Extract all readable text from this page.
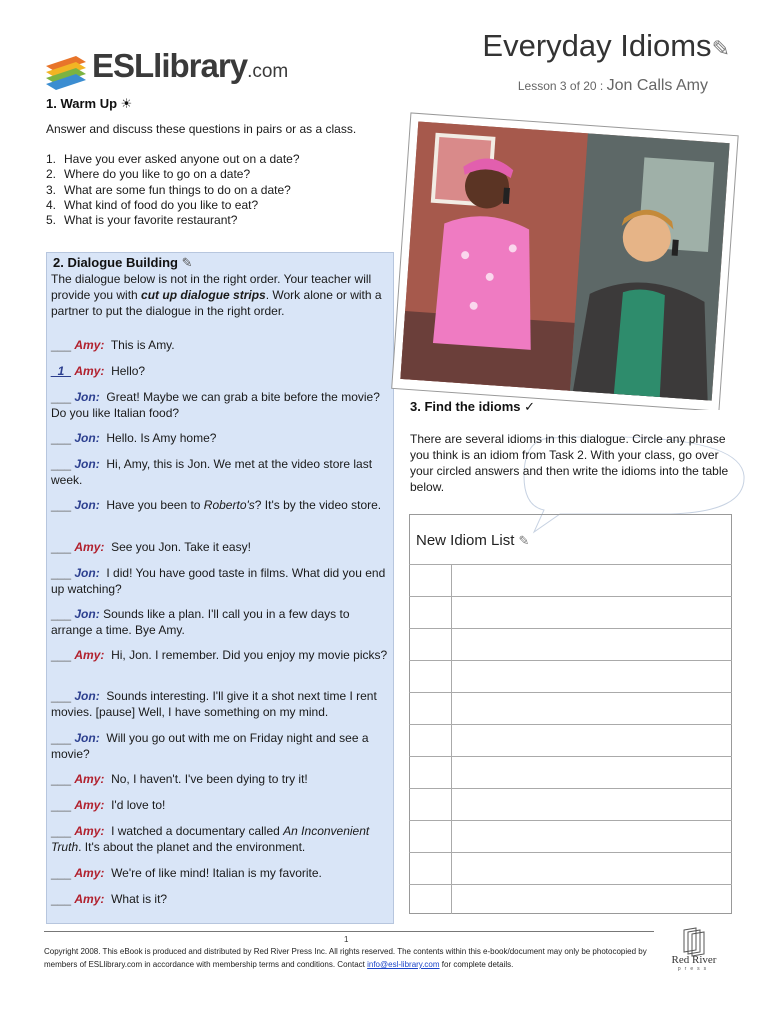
ESLlibrary.com
Everyday Idioms✎
Lesson 3 of 20 : Jon Calls Amy
1. Warm Up ☀
Answer and discuss these questions in pairs or as a class.
1. Have you ever asked anyone out on a date?
2. Where do you like to go on a date?
3. What are some fun things to do on a date?
4. What kind of food do you like to eat?
5. What is your favorite restaurant?
2. Dialogue Building ✎
The dialogue below is not in the right order. Your teacher will provide you with cut up dialogue strips. Work alone or with a partner to put the dialogue in the right order.
___ Amy: This is Amy.
_1_ Amy: Hello?
___ Jon: Great! Maybe we can grab a bite before the movie? Do you like Italian food?
___ Jon: Hello. Is Amy home?
___ Jon: Hi, Amy, this is Jon. We met at the video store last week.
___ Jon: Have you been to Roberto's? It's by the video store.
___ Amy: See you Jon. Take it easy!
___ Jon: I did! You have good taste in films. What did you end up watching?
___ Jon: Sounds like a plan. I'll call you in a few days to arrange a time. Bye Amy.
___ Amy: Hi, Jon. I remember. Did you enjoy my movie picks?
___ Jon: Sounds interesting. I'll give it a shot next time I rent movies. [pause] Well, I have something on my mind.
___ Jon: Will you go out with me on Friday night and see a movie?
___ Amy: No, I haven't. I've been dying to try it!
___ Amy: I'd love to!
___ Amy: I watched a documentary called An Inconvenient Truth. It's about the planet and the environment.
___ Amy: We're of like mind! Italian is my favorite.
___ Amy: What is it?
3. Find the idioms ✓
There are several idioms in this dialogue. Circle any phrase you think is an idiom from Task 2. With your class, go over your circled answers and then write the idioms into the table below.
New Idiom List ✎
1
Copyright 2008. This eBook is produced and distributed by Red River Press Inc. All rights reserved. The contents within this e-book/document may only be photocopied by members of ESLlibrary.com in accordance with membership terms and conditions. Contact info@esl-library.com for complete details.	Red River
press
